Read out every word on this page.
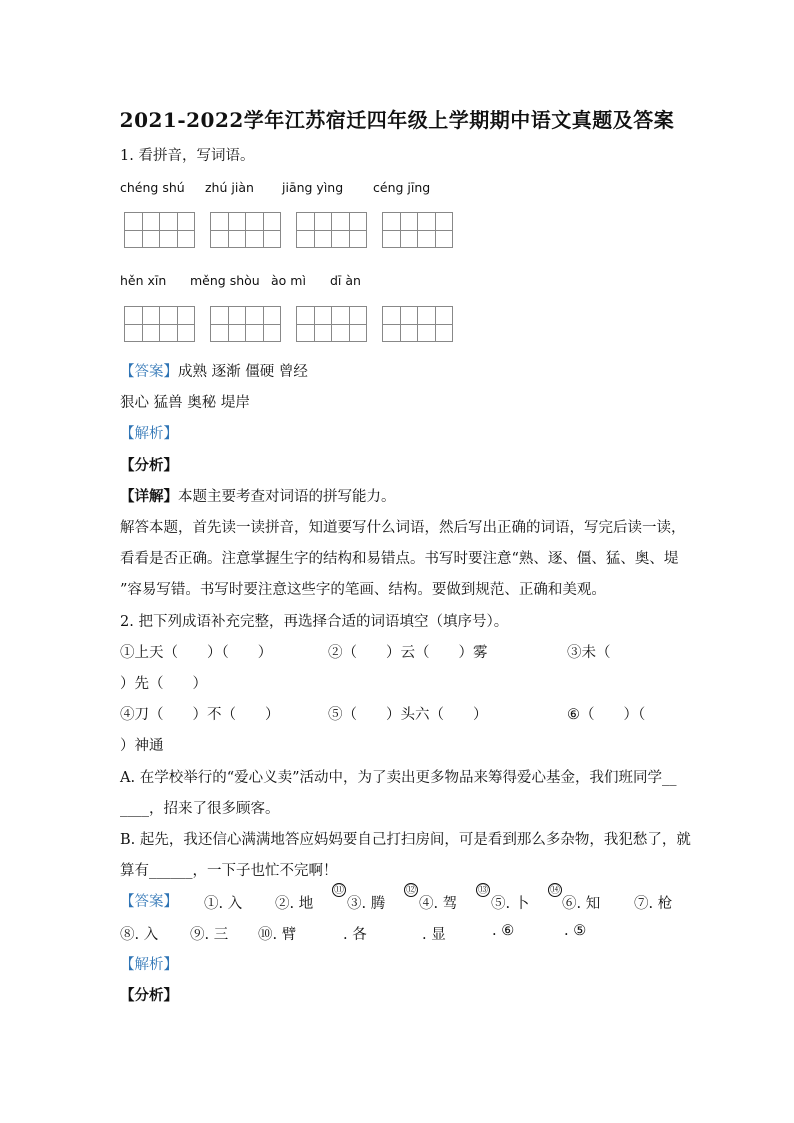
2021-2022学年江苏宿迁四年级上学期期中语文真题及答案
1. 看拼音，写词语。
chéng shú zhú jiàn jiāng yìng céng jīng
hěn xīn měng shòu ào mì dī àn
【答案】成熟 逐渐 僵硬 曾经
狠心 猛兽 奥秘 堤岸
【解析】
【分析】
【详解】本题主要考查对词语的拼写能力。
解答本题，首先读一读拼音，知道要写什么词语，然后写出正确的词语，写完后读一读，
看看是否正确。注意掌握生字的结构和易错点。书写时要注意“熟、逐、僵、猛、奥、堤
”容易写错。书写时要注意这些字的笔画、结构。要做到规范、正确和美观。
2. 把下列成语补充完整，再选择合适的词语填空（填序号）。
①上天（　　）（　　）	②（　　）云（　　）雾	③未（
）先（　　）
④刀（　　）不（　　）	⑤（　　）头六（　　）	⑥（　　）（
）神通
A. 在学校举行的“爱心义卖”活动中，为了卖出更多物品来筹得爱心基金，我们班同学__
____，招来了很多顾客。
B. 起先，我还信心满满地答应妈妈要自己打扫房间，可是看到那么多杂物，我犯愁了，就
算有______，一下子也忙不完啊！
【答案】 ①. 入 ②. 地 ③. 腾 ④. 驾 ⑤. 卜 ⑥. 知 ⑦. 枪
⑪	⑫	⑬	⑭
⑧. 入 ⑨. 三 ⑩. 臂	. 各	. 显	. ⑥	. ⑤
【解析】
【分析】
